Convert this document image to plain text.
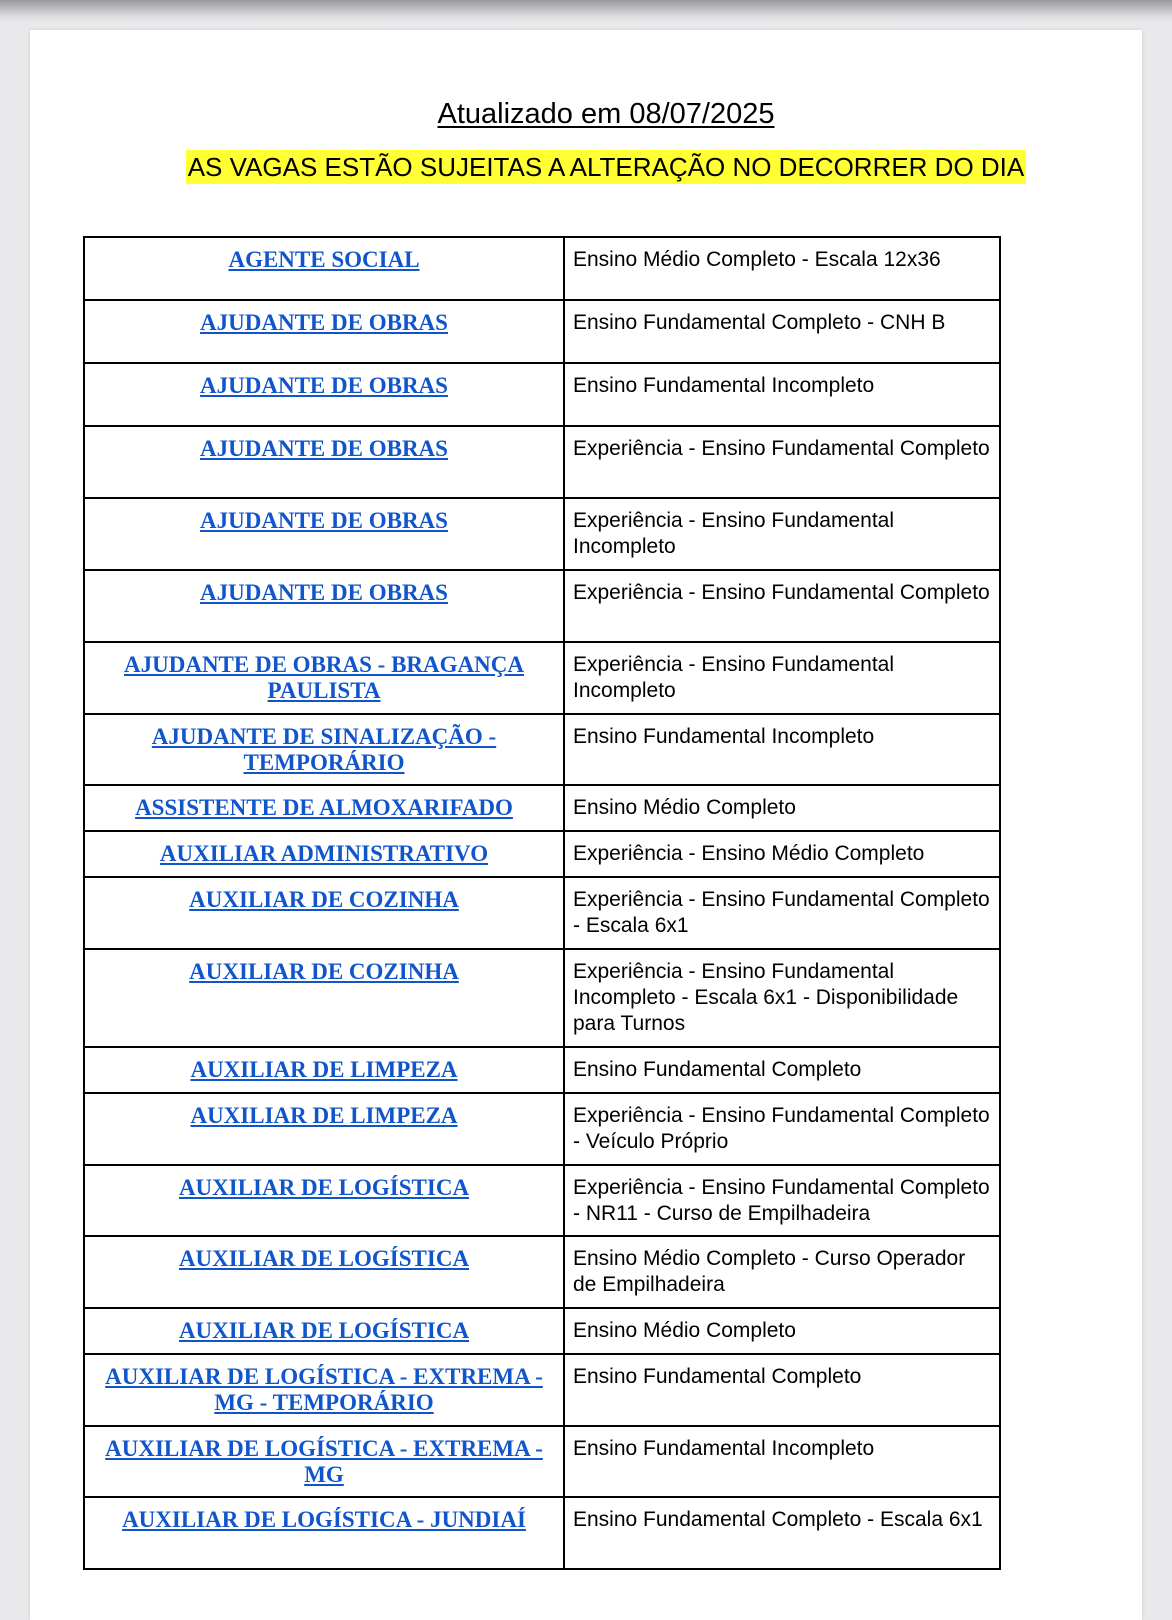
Atualizado em 08/07/2025
AS VAGAS ESTÃO SUJEITAS A ALTERAÇÃO NO DECORRER DO DIA
AGENTE SOCIAL	Ensino Médio Completo - Escala 12x36
AJUDANTE DE OBRAS	Ensino Fundamental Completo - CNH B
AJUDANTE DE OBRAS	Ensino Fundamental Incompleto
AJUDANTE DE OBRAS	Experiência - Ensino Fundamental Completo
AJUDANTE DE OBRAS	Experiência - Ensino Fundamental Incompleto
AJUDANTE DE OBRAS	Experiência - Ensino Fundamental Completo
AJUDANTE DE OBRAS - BRAGANÇA PAULISTA	Experiência - Ensino Fundamental Incompleto
AJUDANTE DE SINALIZAÇÃO - TEMPORÁRIO	Ensino Fundamental Incompleto
ASSISTENTE DE ALMOXARIFADO	Ensino Médio Completo
AUXILIAR ADMINISTRATIVO	Experiência - Ensino Médio Completo
AUXILIAR DE COZINHA	Experiência - Ensino Fundamental Completo - Escala 6x1
AUXILIAR DE COZINHA	Experiência - Ensino Fundamental Incompleto - Escala 6x1 - Disponibilidade para Turnos
AUXILIAR DE LIMPEZA	Ensino Fundamental Completo
AUXILIAR DE LIMPEZA	Experiência - Ensino Fundamental Completo - Veículo Próprio
AUXILIAR DE LOGÍSTICA	Experiência - Ensino Fundamental Completo - NR11 - Curso de Empilhadeira
AUXILIAR DE LOGÍSTICA	Ensino Médio Completo - Curso Operador de Empilhadeira
AUXILIAR DE LOGÍSTICA	Ensino Médio Completo
AUXILIAR DE LOGÍSTICA - EXTREMA - MG - TEMPORÁRIO	Ensino Fundamental Completo
AUXILIAR DE LOGÍSTICA - EXTREMA - MG	Ensino Fundamental Incompleto
AUXILIAR DE LOGÍSTICA - JUNDIAÍ	Ensino Fundamental Completo - Escala 6x1
